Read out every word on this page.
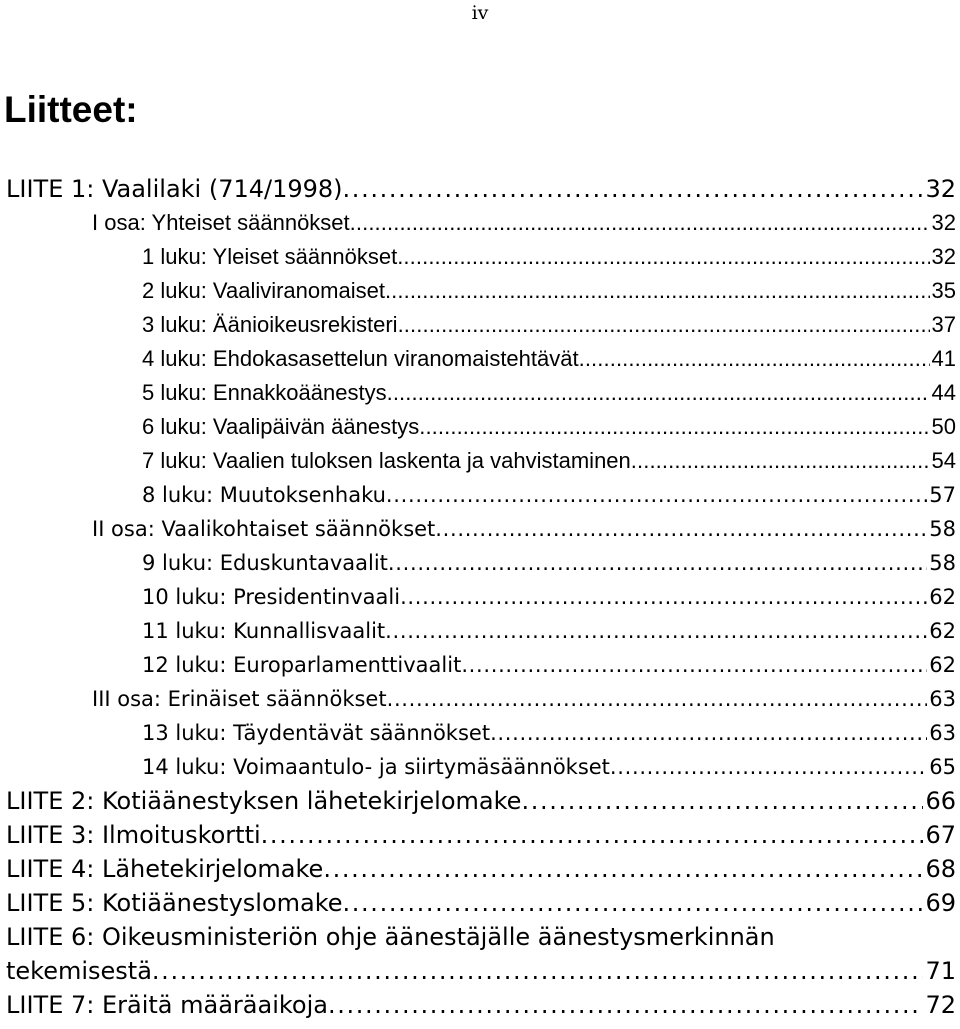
iv
Liitteet:
LIITE 1: Vaalilaki (714/1998) . . .	32
I osa: Yhteiset säännökset . . .	32
1 luku: Yleiset säännökset . . .	32
2 luku: Vaaliviranomaiset . . .	35
3 luku: Äänioikeusrekisteri . . .	37
4 luku: Ehdokasasettelun viranomaistehtävät . . .	41
5 luku: Ennakkoäänestys . . .	44
6 luku: Vaalipäivän äänestys . . .	50
7 luku: Vaalien tuloksen laskenta ja vahvistaminen . . .	54
8 luku: Muutoksenhaku . . .	57
II osa: Vaalikohtaiset säännökset . . .	58
9 luku: Eduskuntavaalit . . .	58
10 luku: Presidentinvaali . . .	62
11 luku: Kunnallisvaalit . . .	62
12 luku: Europarlamenttivaalit . . .	62
III osa: Erinäiset säännökset . . .	63
13 luku: Täydentävät säännökset . . .	63
14 luku: Voimaantulo- ja siirtymäsäännökset . . .	65
LIITE 2: Kotiäänestyksen lähetekirjelomake . . .	66
LIITE 3: Ilmoituskortti . . .	67
LIITE 4: Lähetekirjelomake . . .	68
LIITE 5: Kotiäänestyslomake . . .	69
LIITE 6: Oikeusministeriön ohje äänestäjälle äänestysmerkinnän
tekemisestä . . .	71
LIITE 7: Eräitä määräaikoja . . .	72
